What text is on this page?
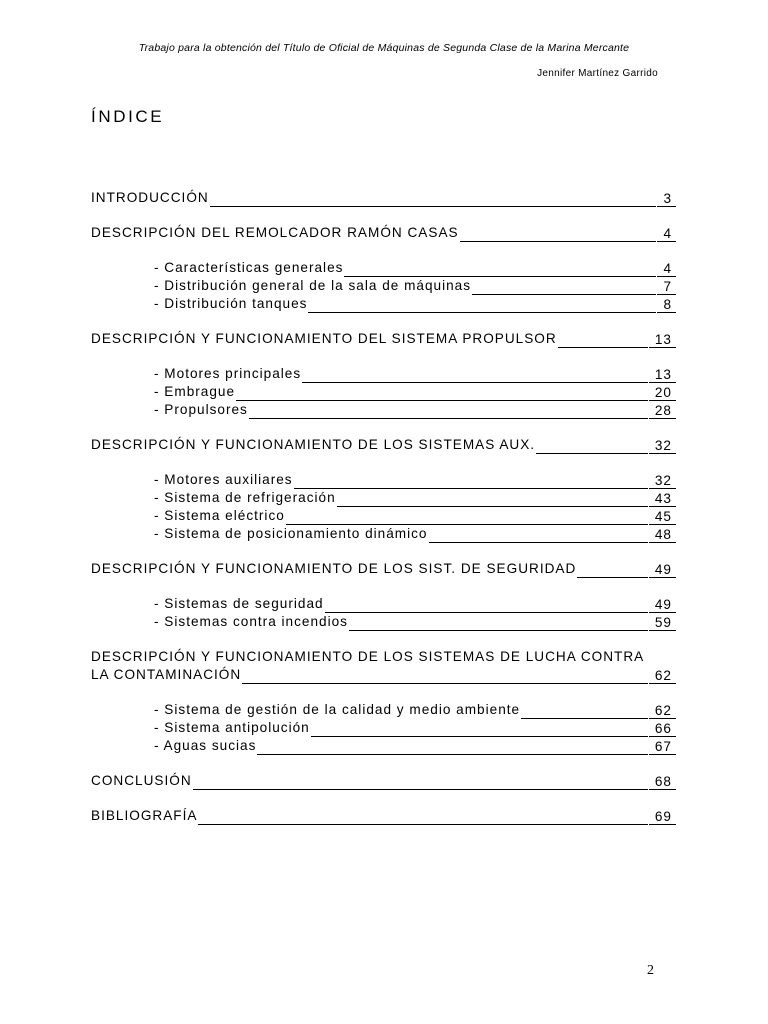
Trabajo para la obtención del Título de Oficial de Máquinas de Segunda Clase de la Marina Mercante
Jennifer Martínez Garrido
ÍNDICE
INTRODUCCIÓN	3
DESCRIPCIÓN DEL REMOLCADOR RAMÓN CASAS	4
- Características generales	4
- Distribución general de la sala de máquinas	7
- Distribución tanques	8
DESCRIPCIÓN Y FUNCIONAMIENTO DEL SISTEMA PROPULSOR	13
- Motores principales	13
- Embrague	20
- Propulsores	28
DESCRIPCIÓN Y FUNCIONAMIENTO DE LOS SISTEMAS AUX.	32
- Motores auxiliares	32
- Sistema de refrigeración	43
- Sistema eléctrico	45
- Sistema de posicionamiento dinámico	48
DESCRIPCIÓN Y FUNCIONAMIENTO DE LOS SIST. DE SEGURIDAD	49
- Sistemas de seguridad	49
- Sistemas contra incendios	59
DESCRIPCIÓN Y FUNCIONAMIENTO DE LOS SISTEMAS DE LUCHA CONTRA
LA CONTAMINACIÓN	62
- Sistema de gestión de la calidad y medio ambiente	62
- Sistema antipolución	66
- Aguas sucias	67
CONCLUSIÓN	68
BIBLIOGRAFÍA	69
2
